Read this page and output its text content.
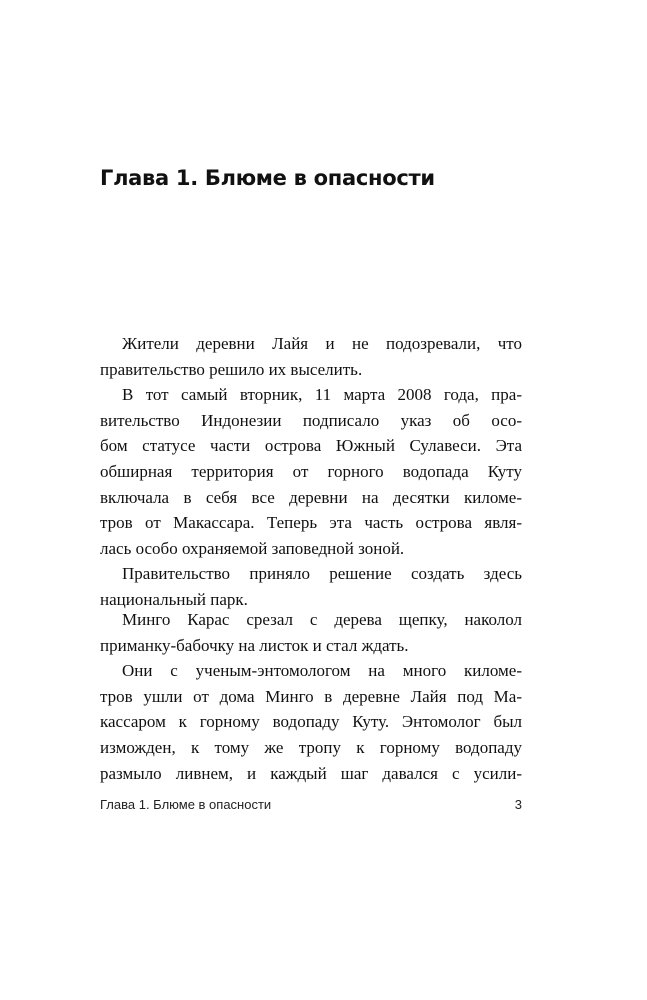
Глава 1. Блюме в опасности
Жители деревни Лайя и не подозревали, что
правительство решило их выселить.
В тот самый вторник, 11 марта 2008 года, пра-
вительство Индонезии подписало указ об осо-
бом статусе части острова Южный Сулавеси. Эта
обширная территория от горного водопада Куту
включала в себя все деревни на десятки киломе-
тров от Макассара. Теперь эта часть острова явля-
лась особо охраняемой заповедной зоной.
Правительство приняло решение создать здесь
национальный парк.
Минго Карас срезал с дерева щепку, наколол
приманку-бабочку на листок и стал ждать.
Они с ученым-энтомологом на много киломе-
тров ушли от дома Минго в деревне Лайя под Ма-
кассаром к горному водопаду Куту. Энтомолог был
изможден, к тому же тропу к горному водопаду
размыло ливнем, и каждый шаг давался с усили-
Глава 1. Блюме в опасности	3
